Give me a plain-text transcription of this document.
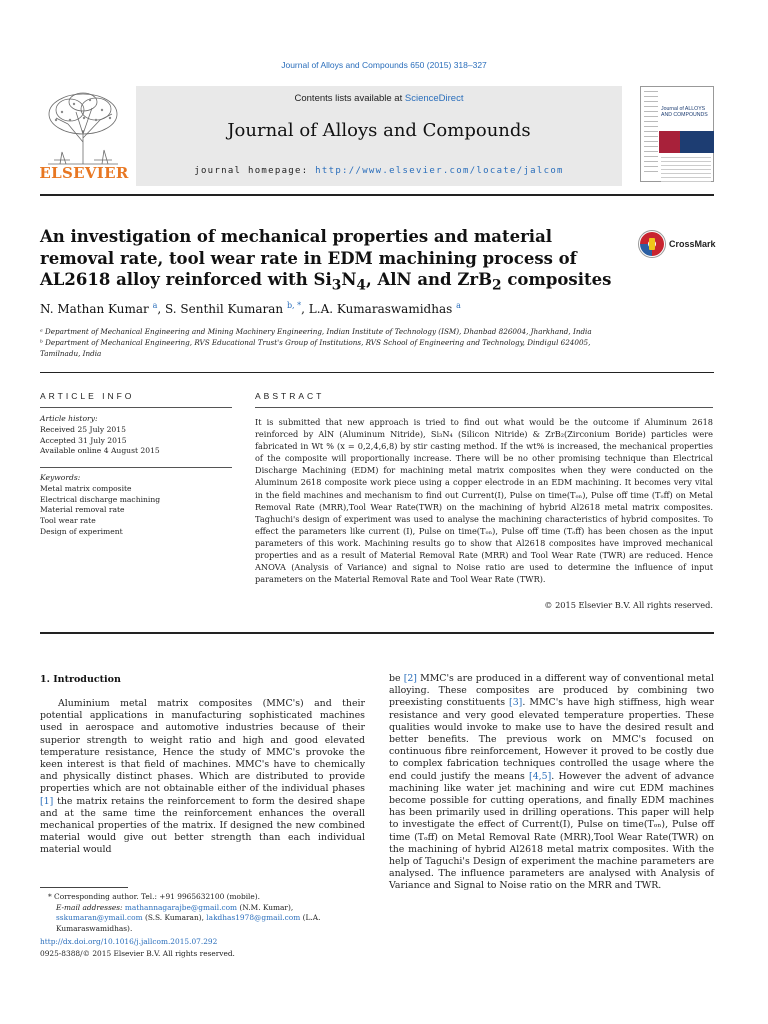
Journal of Alloys and Compounds 650 (2015) 318–327
ELSEVIER
Contents lists available at ScienceDirect
Journal of Alloys and Compounds
journal homepage: http://www.elsevier.com/locate/jalcom
Journal of ALLOYS AND COMPOUNDS
An investigation of mechanical properties and material removal rate, tool wear rate in EDM machining process of AL2618 alloy reinforced with $Si_3N_4$, AlN and ZrB$_2$ composites
CrossMark
N. Mathan Kumar $^a$, S. Senthil Kumaran $^{b, *}$, L.A. Kumaraswamidhas $^a$
ᵃ Department of Mechanical Engineering and Mining Machinery Engineering, Indian Institute of Technology (ISM), Dhanbad 826004, Jharkhand, India
ᵇ Department of Mechanical Engineering, RVS Educational Trust's Group of Institutions, RVS School of Engineering and Technology, Dindigul 624005, Tamilnadu, India
ARTICLE INFO
Article history:
Received 25 July 2015
Accepted 31 July 2015
Available online 4 August 2015
Keywords:
Metal matrix composite
Electrical discharge machining
Material removal rate
Tool wear rate
Design of experiment
ABSTRACT

It is submitted that new approach is tried to find out what would be the outcome if Aluminum 2618 reinforced by AlN (Aluminum Nitride), Si₃N₄ (Silicon Nitride) & ZrB₂(Zirconium Boride) particles were fabricated in Wt % (x = 0,2,4,6,8) by stir casting method. If the wt% is increased, the mechanical properties of the composite will proportionally increase. There will be no other promising technique than Electrical Discharge Machining (EDM) for machining metal matrix composites when they were conducted on the Aluminum 2618 composite work piece using a copper electrode in an EDM machining. It becomes very vital in the field machines and mechanism to find out Current(I), Pulse on time(Tₒₙ), Pulse off time (Tₒff) on Metal Removal Rate (MRR),Tool Wear Rate(TWR) on the machining of hybrid Al2618 metal matrix composites. Taghuchi's design of experiment was used to analyse the machining characteristics of hybrid composites. To effect the parameters like current (I), Pulse on time(Tₒₙ), Pulse off time (Tₒff) has been chosen as the input parameters of this work. Machining results go to show that Al2618 composites have improved mechanical properties and as a result of Material Removal Rate (MRR) and Tool Wear Rate (TWR) are reduced. Hence ANOVA (Analysis of Variance) and signal to Noise ratio are used to determine the influence of input parameters on the Material Removal Rate and Tool Wear Rate (TWR).

© 2015 Elsevier B.V. All rights reserved.
1. Introduction

Aluminium metal matrix composites (MMC's) and their potential applications in manufacturing sophisticated machines used in aerospace and automotive industries because of their superior strength to weight ratio and high and good elevated temperature resistance, Hence the study of MMC's provoke the keen interest is that field of machines. MMC's have to chemically and physically distinct phases. Which are distributed to provide properties which are not obtainable either of the individual phases [1] the matrix retains the reinforcement to form the desired shape and at the same time the reinforcement enhances the overall mechanical properties of the matrix. If designed the new combined material would give out better strength than each individual material would

be [2] MMC's are produced in a different way of conventional metal alloying. These composites are produced by combining two preexisting constituents [3]. MMC's have high stiffness, high wear resistance and very good elevated temperature properties. These qualities would invoke to make use to have the desired result and better benefits. The previous work on MMC's focused on continuous fibre reinforcement, However it proved to be costly due to complex fabrication techniques controlled the usage where the end could justify the means [4,5]. However the advent of advance machining like water jet machining and wire cut EDM machines become possible for cutting operations, and finally EDM machines has been primarily used in drilling operations. This paper will help to investigate the effect of Current(I), Pulse on time(Tₒₙ), Pulse off time (Tₒff) on Metal Removal Rate (MRR),Tool Wear Rate(TWR) on the machining of hybrid Al2618 metal matrix composites. With the help of Taguchi's Design of experiment the machine parameters are analysed. The influence parameters are analysed with Analysis of Variance and Signal to Noise ratio on the MRR and TWR.

* Corresponding author. Tel.: +91 9965632100 (mobile).
E-mail addresses: mathannagarajbe@gmail.com (N.M. Kumar), sskumaran@ymail.com (S.S. Kumaran), lakdhas1978@gmail.com (L.A. Kumaraswamidhas).
http://dx.doi.org/10.1016/j.jallcom.2015.07.292
0925-8388/© 2015 Elsevier B.V. All rights reserved.
